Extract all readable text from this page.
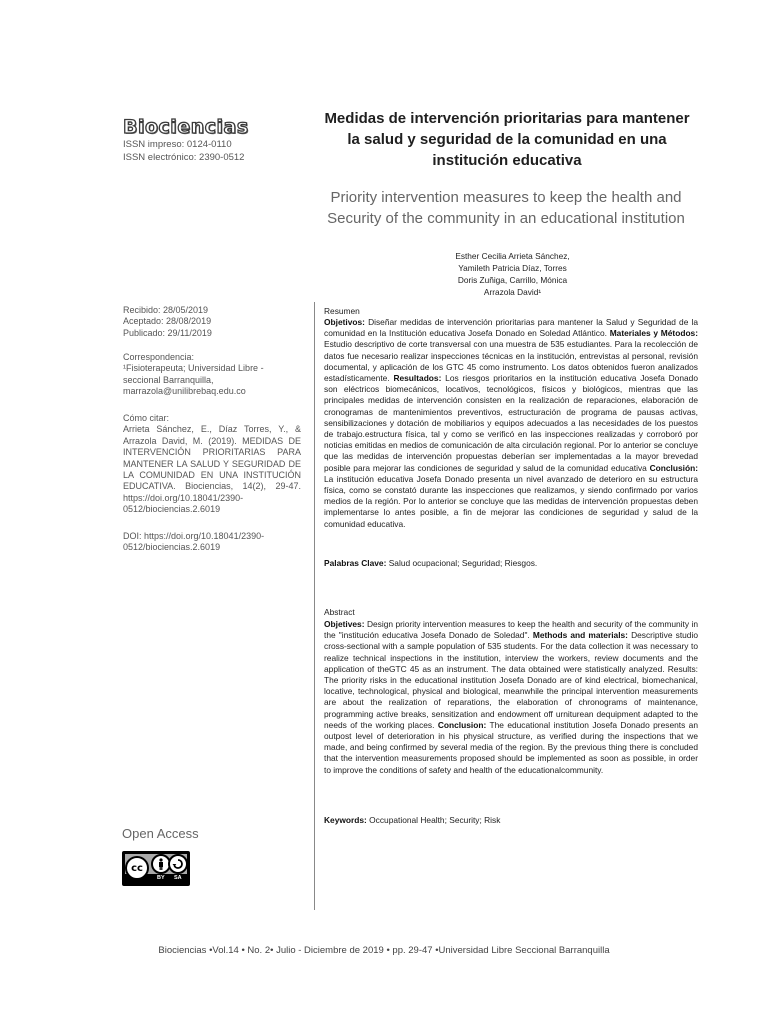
Biociencias
ISSN impreso: 0124-0110
ISSN electrónico: 2390-0512
Medidas de intervención prioritarias para mantener la salud y seguridad de la comunidad en una institución educativa
Priority intervention measures to keep the health and Security of the community in an educational institution
Esther Cecilia Arrieta Sánchez,
Yamileth Patricia Díaz, Torres
Doris Zuñiga, Carrillo, Mónica
Arrazola David¹
Recibido: 28/05/2019
Aceptado: 28/08/2019
Publicado: 29/11/2019
Correspondencia:
¹Fisioterapeuta; Universidad Libre -
seccional Barranquilla,
marrazola@unilibrebaq.edu.co
Cómo citar:
Arrieta Sánchez, E., Díaz Torres, Y., & Arrazola David, M. (2019). MEDIDAS DE INTERVENCIÓN PRIORITARIAS PARA MANTENER LA SALUD Y SEGURIDAD DE LA COMUNIDAD EN UNA INSTITUCIÓN EDUCATIVA. Biociencias, 14(2), 29-47. https://doi.org/10.18041/2390-0512/biociencias.2.6019
DOI: https://doi.org/10.18041/2390-0512/biociencias.2.6019
Resumen
Objetivos: Diseñar medidas de intervención prioritarias para mantener la Salud y Seguridad de la comunidad en la Institución educativa Josefa Donado en Soledad Atlántico. Materiales y Métodos: Estudio descriptivo de corte transversal con una muestra de 535 estudiantes. Para la recolección de datos fue necesario realizar inspecciones técnicas en la institución, entrevistas al personal, revisión documental, y aplicación de los GTC 45 como instrumento. Los datos obtenidos fueron analizados estadísticamente. Resultados: Los riesgos prioritarios en la institución educativa Josefa Donado son eléctricos biomecánicos, locativos, tecnológicos, físicos y biológicos, mientras que las principales medidas de intervención consisten en la realización de reparaciones, elaboración de cronogramas de mantenimientos preventivos, estructuración de programa de pausas activas, sensibilizaciones y dotación de mobiliarios y equipos adecuados a las necesidades de los puestos de trabajo.estructura física, tal y como se verificó en las inspecciones realizadas y corroboró por noticias emitidas en medios de comunicación de alta circulación regional. Por lo anterior se concluye que las medidas de intervención propuestas deberían ser implementadas a la mayor brevedad posible para mejorar las condiciones de seguridad y salud de la comunidad educativa Conclusión: La institución educativa Josefa Donado presenta un nivel avanzado de deterioro en su estructura física, como se constató durante las inspecciones que realizamos, y siendo confirmado por varios medios de la región. Por lo anterior se concluye que las medidas de intervención propuestas deben implementarse lo antes posible, a fin de mejorar las condiciones de seguridad y salud de la comunidad educativa.
Palabras Clave: Salud ocupacional; Seguridad; Riesgos.
Abstract
Objetives: Design priority intervention measures to keep the health and security of the community in the "institución educativa Josefa Donado de Soledad". Methods and materials: Descriptive studio cross-sectional with a sample population of 535 students. For the data collection it was necessary to realize technical inspections in the institution, interview the workers, review documents and the application of theGTC 45 as an instrument. The data obtained were statistically analyzed. Results: The priority risks in the educational institution Josefa Donado are of kind electrical, biomechanical, locative, technological, physical and biological, meanwhile the principal intervention measurements are about the realization of reparations, the elaboration of chronograms of maintenance, programming active breaks, sensitization and endowment off urniturean dequipment adapted to the needs of the working places. Conclusion: The educational institution Josefa Donado presents an outpost level of deterioration in his physical structure, as verified during the inspections that we made, and being confirmed by several media of the region. By the previous thing there is concluded that the intervention measurements proposed should be implemented as soon as possible, in order to improve the conditions of safety and health of the educationalcommunity.
Keywords: Occupational Health; Security; Risk
Open Access
cc
BY SA
Biociencias •Vol.14 • No. 2• Julio - Diciembre de 2019 • pp. 29-47 •Universidad Libre Seccional Barranquilla
